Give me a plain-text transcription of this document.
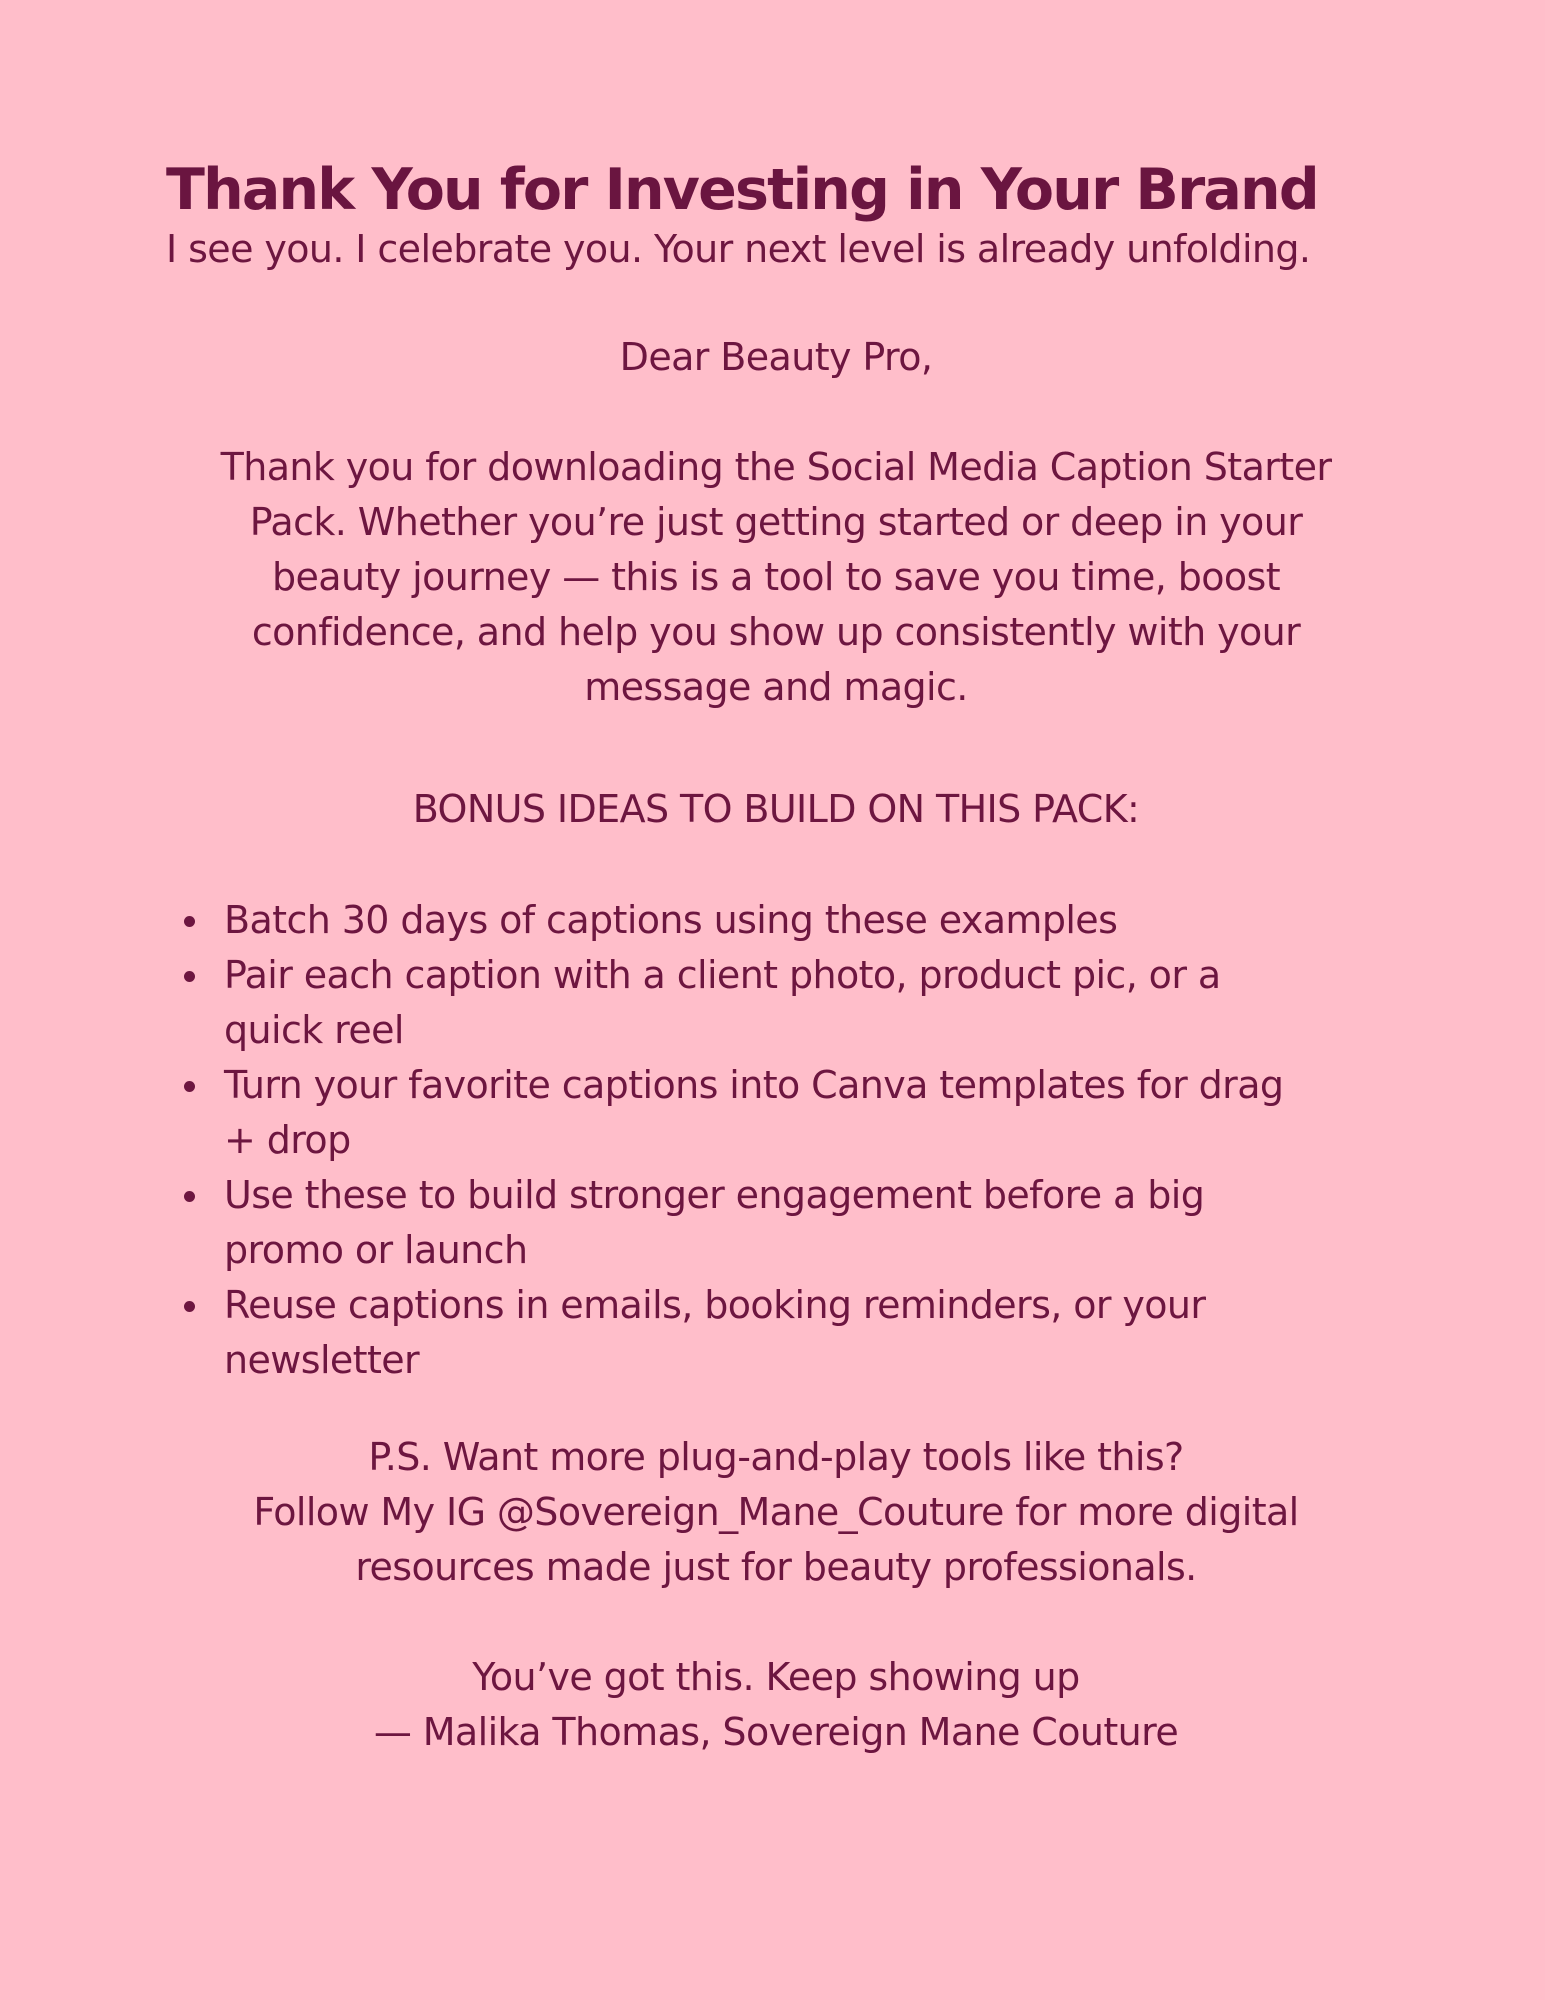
Thank You for Investing in Your Brand
I see you. I celebrate you. Your next level is already unfolding.
Dear Beauty Pro,
Thank you for downloading the Social Media Caption Starter
Pack. Whether you’re just getting started or deep in your
beauty journey — this is a tool to save you time, boost
confidence, and help you show up consistently with your
message and magic.
BONUS IDEAS TO BUILD ON THIS PACK:
Batch 30 days of captions using these examples
Pair each caption with a client photo, product pic, or a
quick reel
Turn your favorite captions into Canva templates for drag
+ drop
Use these to build stronger engagement before a big
promo or launch
Reuse captions in emails, booking reminders, or your
newsletter
P.S. Want more plug-and-play tools like this?
Follow My IG @Sovereign_Mane_Couture for more digital
resources made just for beauty professionals.
You’ve got this. Keep showing up
— Malika Thomas, Sovereign Mane Couture
